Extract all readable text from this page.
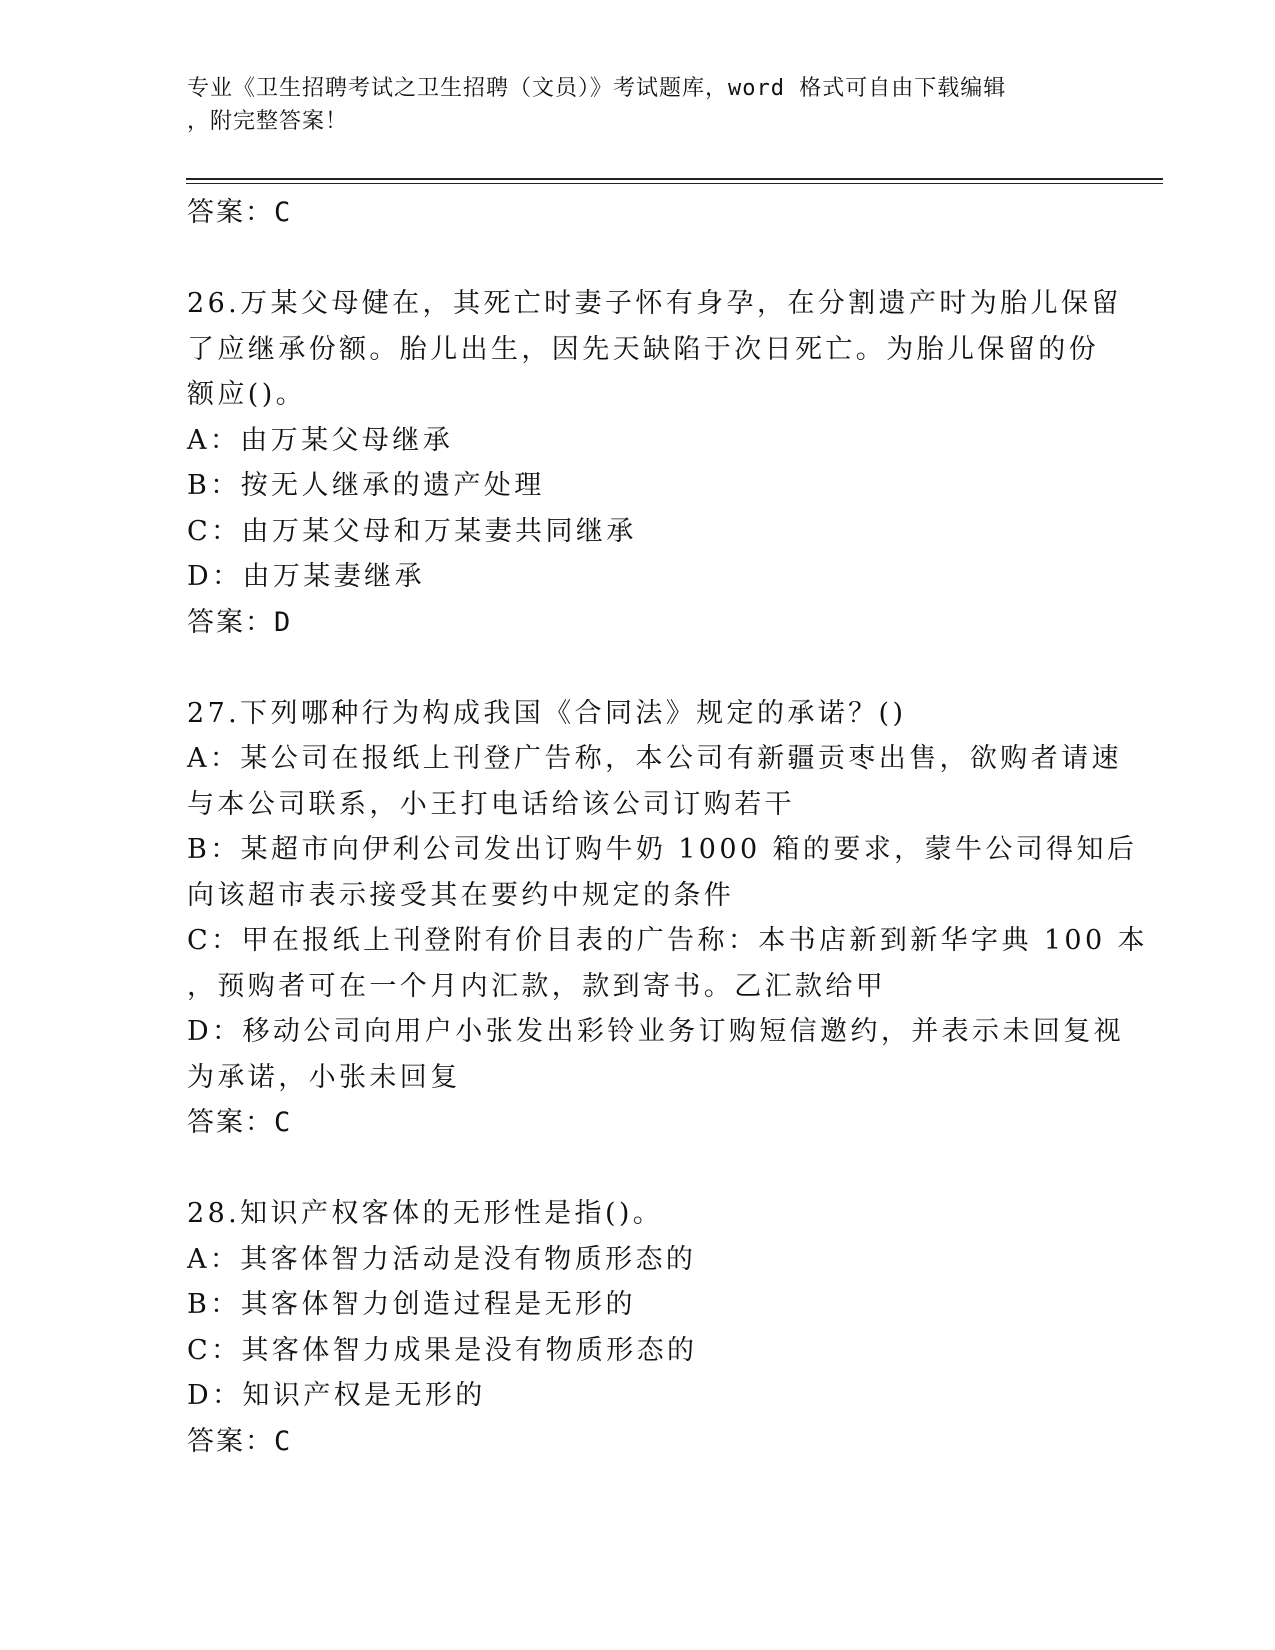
专业《卫生招聘考试之卫生招聘（文员）》考试题库，word 格式可自由下载编辑
，附完整答案！
答案：C
26.万某父母健在，其死亡时妻子怀有身孕，在分割遗产时为胎儿保留
了应继承份额。胎儿出生，因先天缺陷于次日死亡。为胎儿保留的份
额应()。
A：由万某父母继承
B：按无人继承的遗产处理
C：由万某父母和万某妻共同继承
D：由万某妻继承
答案：D
27.下列哪种行为构成我国《合同法》规定的承诺？()
A：某公司在报纸上刊登广告称，本公司有新疆贡枣出售，欲购者请速
与本公司联系，小王打电话给该公司订购若干
B：某超市向伊利公司发出订购牛奶 1000 箱的要求，蒙牛公司得知后
向该超市表示接受其在要约中规定的条件
C：甲在报纸上刊登附有价目表的广告称：本书店新到新华字典 100 本
，预购者可在一个月内汇款，款到寄书。乙汇款给甲
D：移动公司向用户小张发出彩铃业务订购短信邀约，并表示未回复视
为承诺，小张未回复
答案：C
28.知识产权客体的无形性是指()。
A：其客体智力活动是没有物质形态的
B：其客体智力创造过程是无形的
C：其客体智力成果是没有物质形态的
D：知识产权是无形的
答案：C
